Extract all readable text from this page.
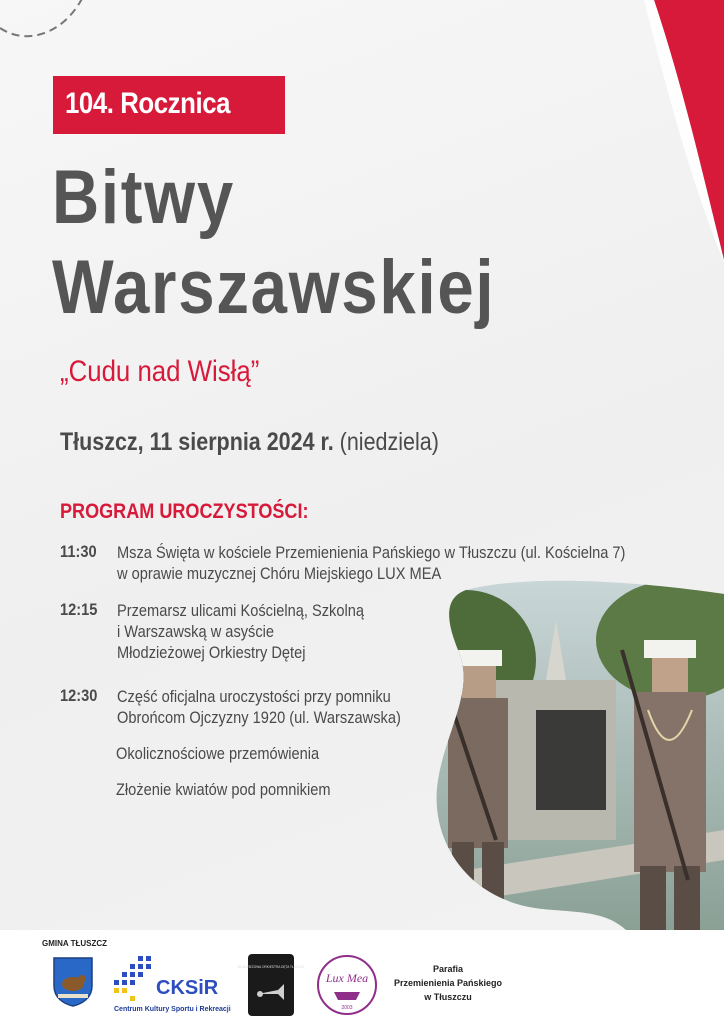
104. Rocznica
Bitwy
Warszawskiej
„Cudu nad Wisłą”
Tłuszcz, 11 sierpnia 2024 r. (niedziela)
PROGRAM UROCZYSTOŚCI:
11:30 Msza Święta w kościele Przemienienia Pańskiego w Tłuszczu (ul. Kościelna 7)
w oprawie muzycznej Chóru Miejskiego LUX MEA
12:15 Przemarsz ulicami Kościelną, Szkolną
i Warszawską w asyście
Młodzieżowej Orkiestry Dętej
12:30 Część oficjalna uroczystości przy pomniku
Obrońcom Ojczyzny 1920 (ul. Warszawska)
Okolicznościowe przemówienia
Złożenie kwiatów pod pomnikiem
GMINA TŁUSZCZ
CKSiR
Centrum Kultury Sportu i Rekreacji
MŁODZIEŻOWA ORKIESTRA DĘTA TŁUSZCZ
Lux Mea
2003
Parafia
Przemienienia Pańskiego
w Tłuszczu
